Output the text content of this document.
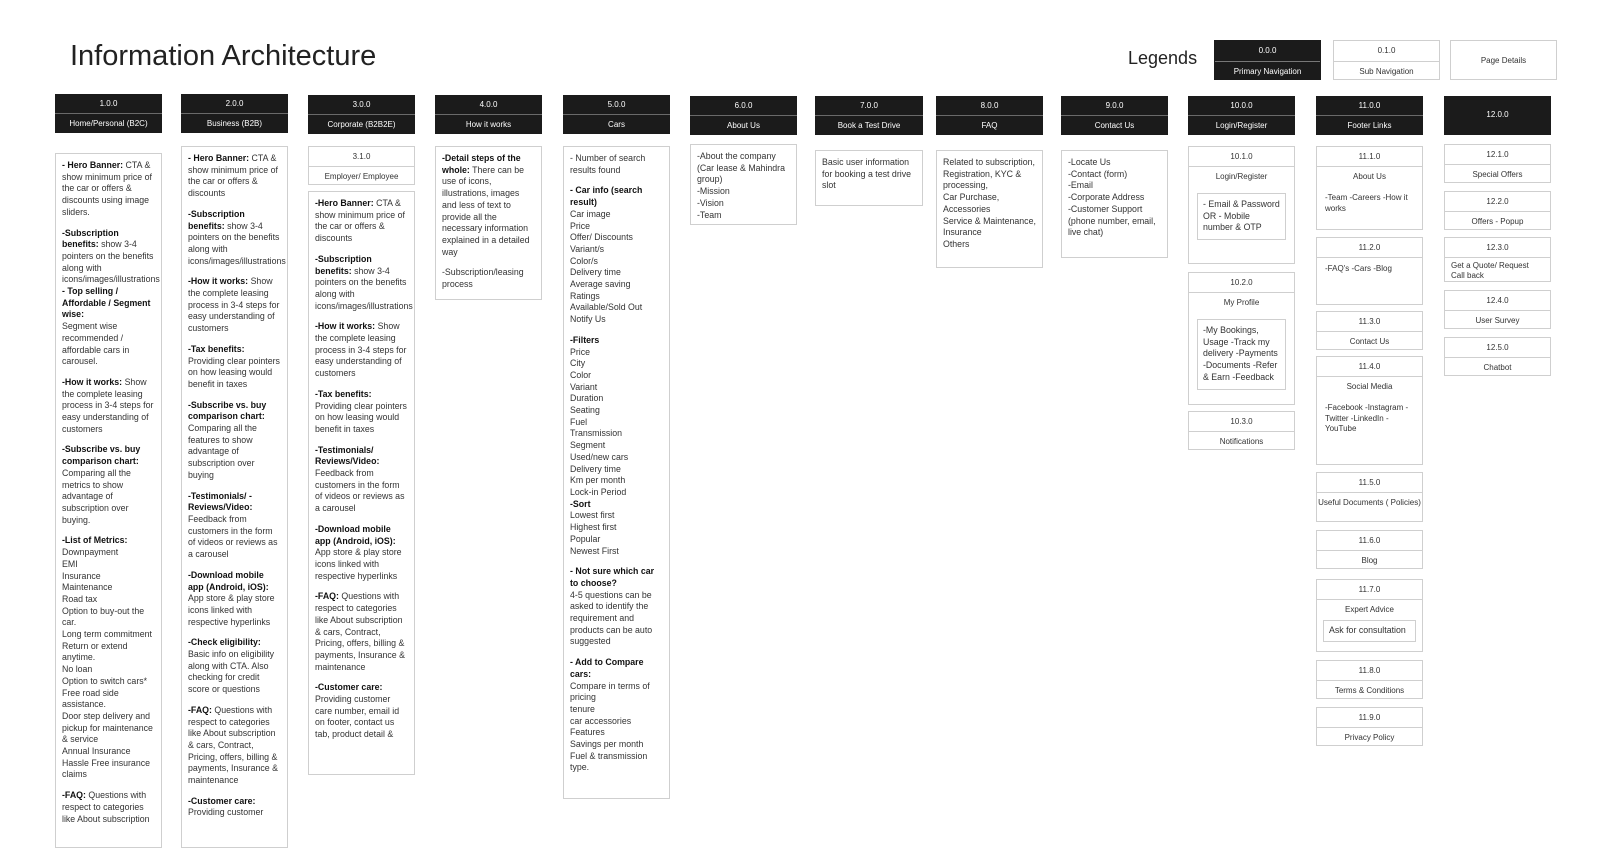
Information Architecture	Legends	0.0.0
Primary Navigation
0.1.0
Sub Navigation
Page Details
1.0.0
Home/Personal (B2C)
2.0.0
Business (B2B)
3.0.0
Corporate (B2B2E)
4.0.0
How it works
5.0.0
Cars
6.0.0
About Us
7.0.0
Book a Test Drive
8.0.0
FAQ
9.0.0
Contact Us
10.0.0
Login/Register
11.0.0
Footer Links
12.0.0

- Hero Banner: CTA & show minimum price of the car or offers & discounts using image sliders.

-Subscription benefits: show 3-4 pointers on the benefits along with icons/images/illustrations
- Top selling / Affordable / Segment wise:
Segment wise recommended / affordable cars in carousel.

-How it works: Show the complete leasing process in 3-4 steps for easy understanding of customers

-Subscribe vs. buy comparison chart:
Comparing all the metrics to show advantage of subscription over buying.

-List of Metrics:
Downpayment
EMI
Insurance
Maintenance
Road tax
Option to buy-out the car.
Long term commitment
Return or extend anytime.
No loan
Option to switch cars*
Free road side assistance.
Door step delivery and pickup for maintenance & service
Annual Insurance
Hassle Free insurance claims

-FAQ: Questions with respect to categories like About subscription

- Hero Banner: CTA & show minimum price of the car or offers & discounts

-Subscription benefits: show 3-4 pointers on the benefits along with icons/images/illustrations

-How it works: Show the complete leasing process in 3-4 steps for easy understanding of customers

-Tax benefits:
Providing clear pointers on how leasing would benefit in taxes

-Subscribe vs. buy comparison chart:
Comparing all the features to show advantage of subscription over buying

-Testimonials/ -Reviews/Video:
Feedback from customers in the form of videos or reviews as a carousel

-Download mobile app (Android, iOS):
App store & play store icons linked with respective hyperlinks

-Check eligibility:
Basic info on eligibility along with CTA. Also checking for credit score or questions

-FAQ: Questions with respect to categories like About subscription & cars, Contract, Pricing, offers, billing & payments, Insurance & maintenance

-Customer care:
Providing customer

3.1.0
Employer/ Employee

-Hero Banner: CTA & show minimum price of the car or offers & discounts

-Subscription benefits: show 3-4 pointers on the benefits along with icons/images/illustrations

-How it works: Show the complete leasing process in 3-4 steps for easy understanding of customers

-Tax benefits:
Providing clear pointers on how leasing would benefit in taxes

-Testimonials/ Reviews/Video:
Feedback from customers in the form of videos or reviews as a carousel

-Download mobile app (Android, iOS):
App store & play store icons linked with respective hyperlinks

-FAQ: Questions with respect to categories like About subscription & cars, Contract, Pricing, offers, billing & payments, Insurance & maintenance

-Customer care:
Providing customer care number, email id on footer, contact us tab, product detail &

-Detail steps of the whole: There can be use of icons, illustrations, images and less of text to provide all the necessary information explained in a detailed way

-Subscription/leasing process

- Number of search results found

- Car info (search result)
Car image
Price
Offer/ Discounts
Variant/s
Color/s
Delivery time
Average saving
Ratings
Available/Sold Out
Notify Us

-Filters
Price
City
Color
Variant
Duration
Seating
Fuel
Transmission
Segment
Used/new cars
Delivery time
Km per month
Lock-in Period

-Sort
Lowest first
Highest first
Popular
Newest First

- Not sure which car to choose?
4-5 questions can be asked to identify the requirement and products can be auto suggested

- Add to Compare cars:
Compare in terms of pricing
tenure
car accessories
Features
Savings per month
Fuel & transmission type.

-About the company (Car lease & Mahindra group)
-Mission
-Vision
-Team
Basic user information for booking a test drive slot
Related to subscription, Registration, KYC & processing,
Car Purchase, Accessories
Service & Maintenance, Insurance
Others
-Locate Us
-Contact (form)
-Email
-Corporate Address
-Customer Support (phone number, email, live chat)
10.1.0
Login/Register
- Email & Password OR - Mobile number & OTP
10.2.0
My Profile
-My Bookings, Usage -Track my delivery -Payments -Documents -Refer & Earn -Feedback
10.3.0
Notifications
11.1.0
About Us
-Team -Careers -How it works
11.2.0
-FAQ's -Cars -Blog
11.3.0
Contact Us
11.4.0
Social Media
-Facebook -Instagram -Twitter -LinkedIn -YouTube
11.5.0
Useful Documents ( Policies)
11.6.0
Blog
11.7.0
Expert Advice
Ask for consultation
11.8.0
Terms & Conditions
11.9.0
Privacy Policy
12.1.0
Special Offers
12.2.0
Offers - Popup
12.3.0
Get a Quote/ Request Call back
12.4.0
User Survey
12.5.0
Chatbot
